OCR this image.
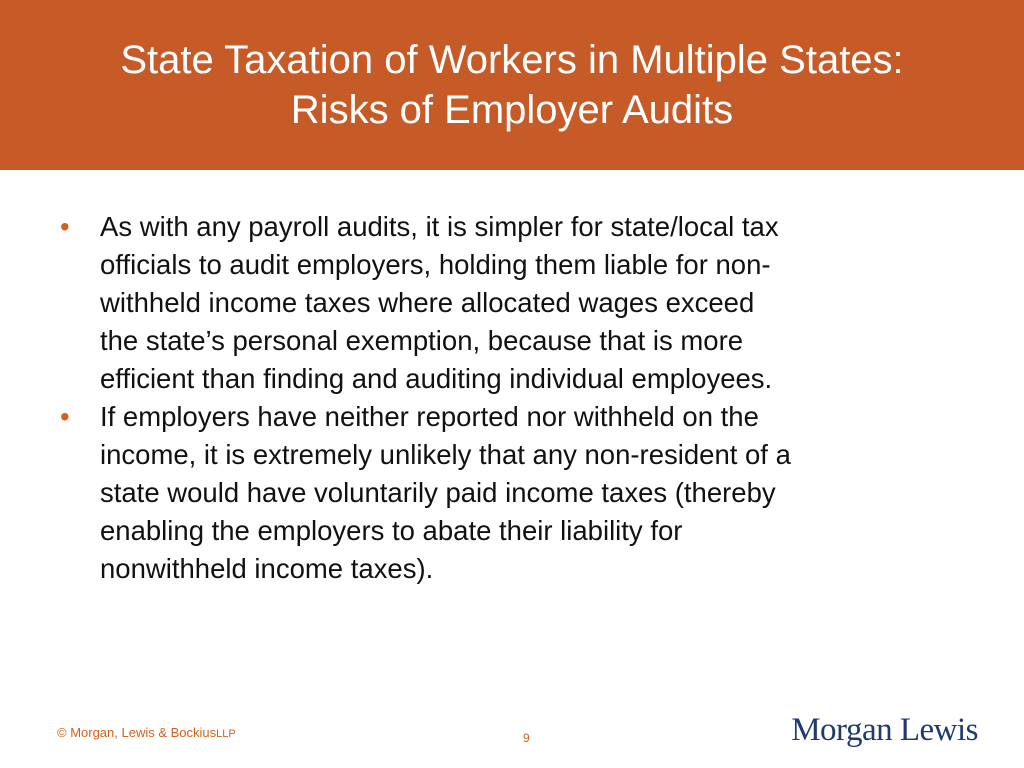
State Taxation of Workers in Multiple States:
Risks of Employer Audits
• As with any payroll audits, it is simpler for state/local tax
officials to audit employers, holding them liable for non-
withheld income taxes where allocated wages exceed
the state’s personal exemption, because that is more
efficient than finding and auditing individual employees.
• If employers have neither reported nor withheld on the
income, it is extremely unlikely that any non-resident of a
state would have voluntarily paid income taxes (thereby
enabling the employers to abate their liability for
nonwithheld income taxes).
© Morgan, Lewis & BockiusLLP	9	Morgan Lewis
